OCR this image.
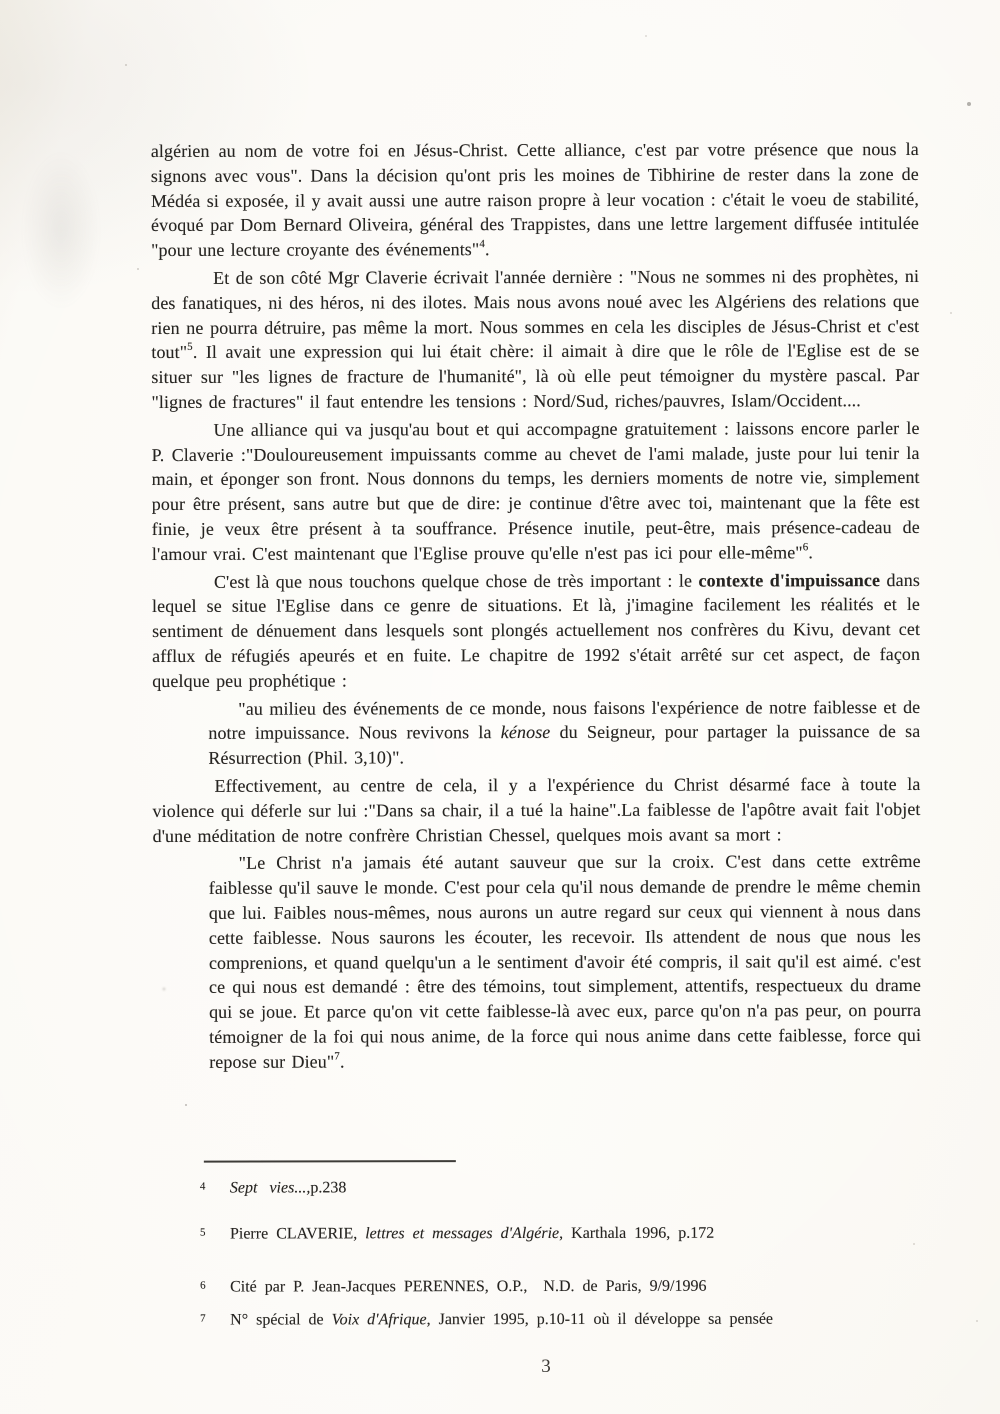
algérien au nom de votre foi en Jésus-Christ. Cette alliance, c'est par votre présence que nous la signons avec vous". Dans la décision qu'ont pris les moines de Tibhirine de rester dans la zone de Médéa si exposée, il y avait aussi une autre raison propre à leur vocation : c'était le voeu de stabilité, évoqué par Dom Bernard Oliveira, général des Trappistes, dans une lettre largement diffusée intitulée "pour une lecture croyante des événements"$^4$.

Et de son côté Mgr Claverie écrivait l'année dernière : "Nous ne sommes ni des prophètes, ni des fanatiques, ni des héros, ni des ilotes. Mais nous avons noué avec les Algériens des relations que rien ne pourra détruire, pas même la mort. Nous sommes en cela les disciples de Jésus-Christ et c'est tout"$^5$. Il avait une expression qui lui était chère: il aimait à dire que le rôle de l'Eglise est de se situer sur "les lignes de fracture de l'humanité", là où elle peut témoigner du mystère pascal. Par "lignes de fractures" il faut entendre les tensions : Nord/Sud, riches/pauvres, Islam/Occident....

Une alliance qui va jusqu'au bout et qui accompagne gratuitement : laissons encore parler le P. Claverie :"Douloureusement impuissants comme au chevet de l'ami malade, juste pour lui tenir la main, et éponger son front. Nous donnons du temps, les derniers moments de notre vie, simplement pour être présent, sans autre but que de dire: je continue d'être avec toi, maintenant que la fête est finie, je veux être présent à ta souffrance. Présence inutile, peut-être, mais présence-cadeau de l'amour vrai. C'est maintenant que l'Eglise prouve qu'elle n'est pas ici pour elle-même"$^6$.

C'est là que nous touchons quelque chose de très important : le contexte d'impuissance dans lequel se situe l'Eglise dans ce genre de situations. Et là, j'imagine facilement les réalités et le sentiment de dénuement dans lesquels sont plongés actuellement nos confrères du Kivu, devant cet afflux de réfugiés apeurés et en fuite. Le chapitre de 1992 s'était arrêté sur cet aspect, de façon quelque peu prophétique :

"au milieu des événements de ce monde, nous faisons l'expérience de notre faiblesse et de notre impuissance. Nous revivons la kénose du Seigneur, pour partager la puissance de sa Résurrection (Phil. 3,10)".

Effectivement, au centre de cela, il y a l'expérience du Christ désarmé face à toute la violence qui déferle sur lui :"Dans sa chair, il a tué la haine".La faiblesse de l'apôtre avait fait l'objet d'une méditation de notre confrère Christian Chessel, quelques mois avant sa mort :

"Le Christ n'a jamais été autant sauveur que sur la croix. C'est dans cette extrême faiblesse qu'il sauve le monde. C'est pour cela qu'il nous demande de prendre le même chemin que lui. Faibles nous-mêmes, nous aurons un autre regard sur ceux qui viennent à nous dans cette faiblesse. Nous saurons les écouter, les recevoir. Ils attendent de nous que nous les comprenions, et quand quelqu'un a le sentiment d'avoir été compris, il sait qu'il est aimé. c'est ce qui nous est demandé : être des témoins, tout simplement, attentifs, respectueux du drame qui se joue. Et parce qu'on vit cette faiblesse-là avec eux, parce qu'on n'a pas peur, on pourra témoigner de la foi qui nous anime, de la force qui nous anime dans cette faiblesse, force qui repose sur Dieu"$^7$.

$^4$	Sept   vies...,p.238
$^5$	Pierre  CLAVERIE,  lettres  et  messages  d'Algérie,  Karthala  1996,  p.172
$^6$	Cité  par  P.  Jean-Jacques  PERENNES,  O.P.,    N.D.  de  Paris,  9/9/1996
$^7$	N°  spécial  de  Voix  d'Afrique,  Janvier  1995,  p.10-11  où  il  développe  sa  pensée
3
